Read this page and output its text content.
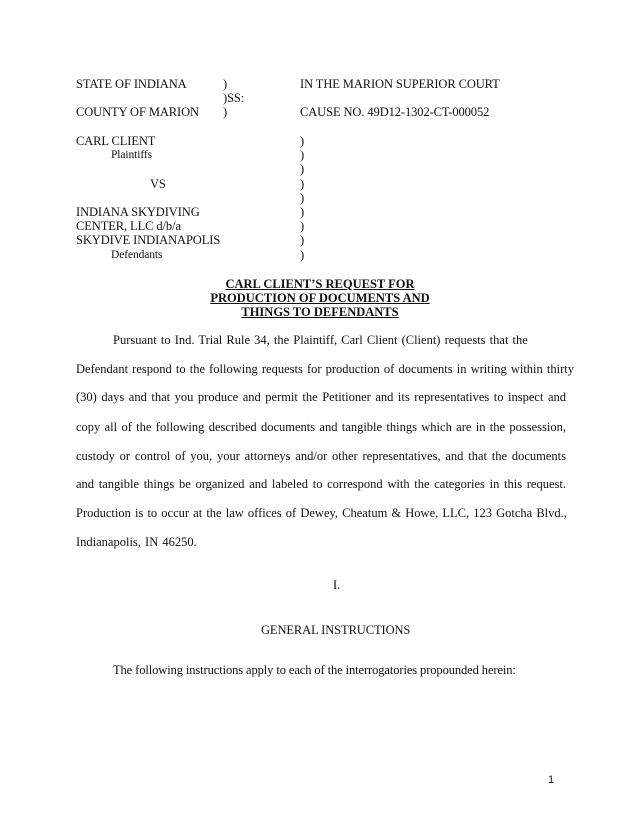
STATE OF INDIANA
COUNTY OF MARION
)
)SS:
)
IN THE MARION SUPERIOR COURT
CAUSE NO. 49D12-1302-CT-000052
CARL CLIENT
Plaintiffs
VS
INDIANA SKYDIVING
CENTER, LLC d/b/a
SKYDIVE INDIANAPOLIS
Defendants
)
)
)
)
)
)
)
)
)
CARL CLIENT’S REQUEST FOR
PRODUCTION OF DOCUMENTS AND
THINGS TO DEFENDANTS
Pursuant to Ind. Trial Rule 34, the Plaintiff, Carl Client (Client) requests that the
Defendant respond to the following requests for production of documents in writing within thirty
(30) days and that you produce and permit the Petitioner and its representatives to inspect and
copy all of the following described documents and tangible things which are in the possession,
custody or control of you, your attorneys and/or other representatives, and that the documents
and tangible things be organized and labeled to correspond with the categories in this request.
Production is to occur at the law offices of Dewey, Cheatum & Howe, LLC, 123 Gotcha Blvd.,
Indianapolis, IN 46250.
I.
GENERAL INSTRUCTIONS
The following instructions apply to each of the interrogatories propounded herein:
1
